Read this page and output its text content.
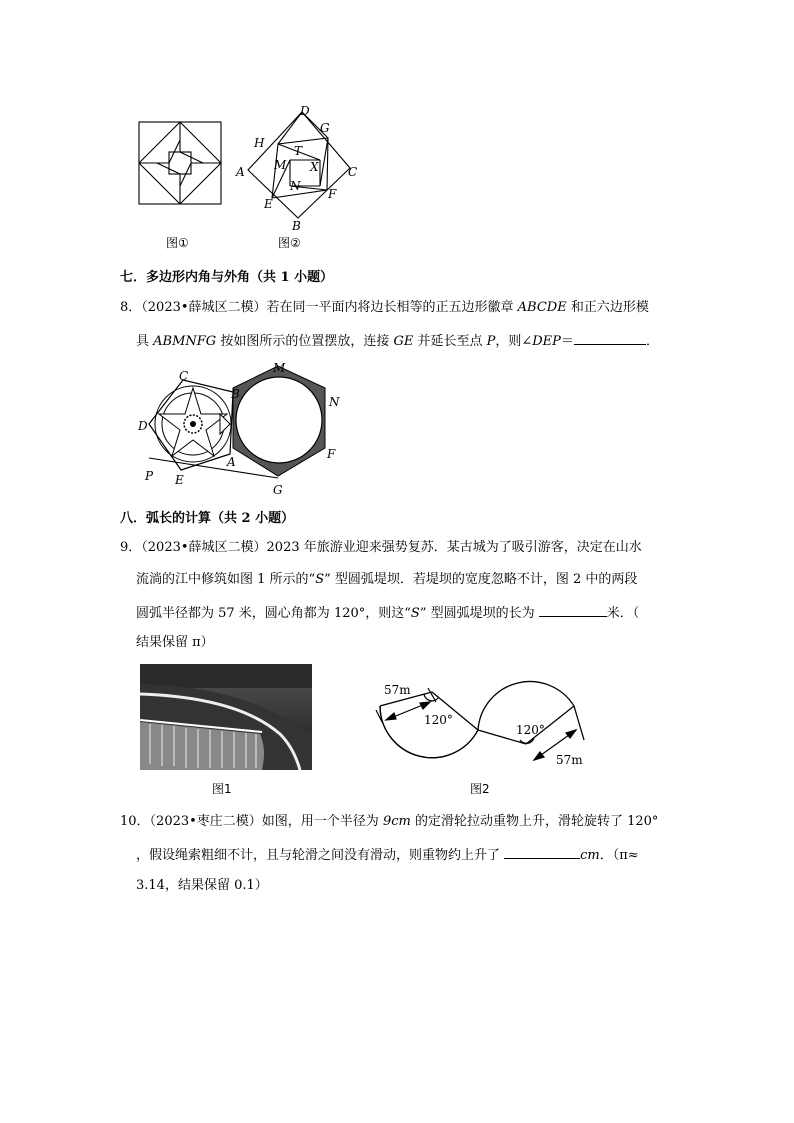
图①
D
G
H
T
M X
A	C
N
E
F
B
图②
七．多边形内角与外角（共 1 小题）
8．（2023•薛城区二模）若在同一平面内将边长相等的正五边形徽章 ABCDE 和正六边形模
具 ABMNFG 按如图所示的位置摆放，连接 GE 并延长至点 P，则∠DEP＝	．
C
B
M
N
D
A
F
P E
G
八．弧长的计算（共 2 小题）
9．（2023•薛城区二模）2023 年旅游业迎来强势复苏．某古城为了吸引游客，决定在山水
流淌的江中修筑如图 1 所示的“S” 型圆弧堤坝．若堤坝的宽度忽略不计，图 2 中的两段
圆弧半径都为 57 米，圆心角都为 120°，则这“S” 型圆弧堤坝的长为	米．（
结果保留 π）
图1
57m
120°
120°
57m
图2
10．（2023•枣庄二模）如图，用一个半径为 9cm 的定滑轮拉动重物上升，滑轮旋转了 120°
，假设绳索粗细不计，且与轮滑之间没有滑动，则重物约上升了	cm．（π≈
3.14，结果保留 0.1）
